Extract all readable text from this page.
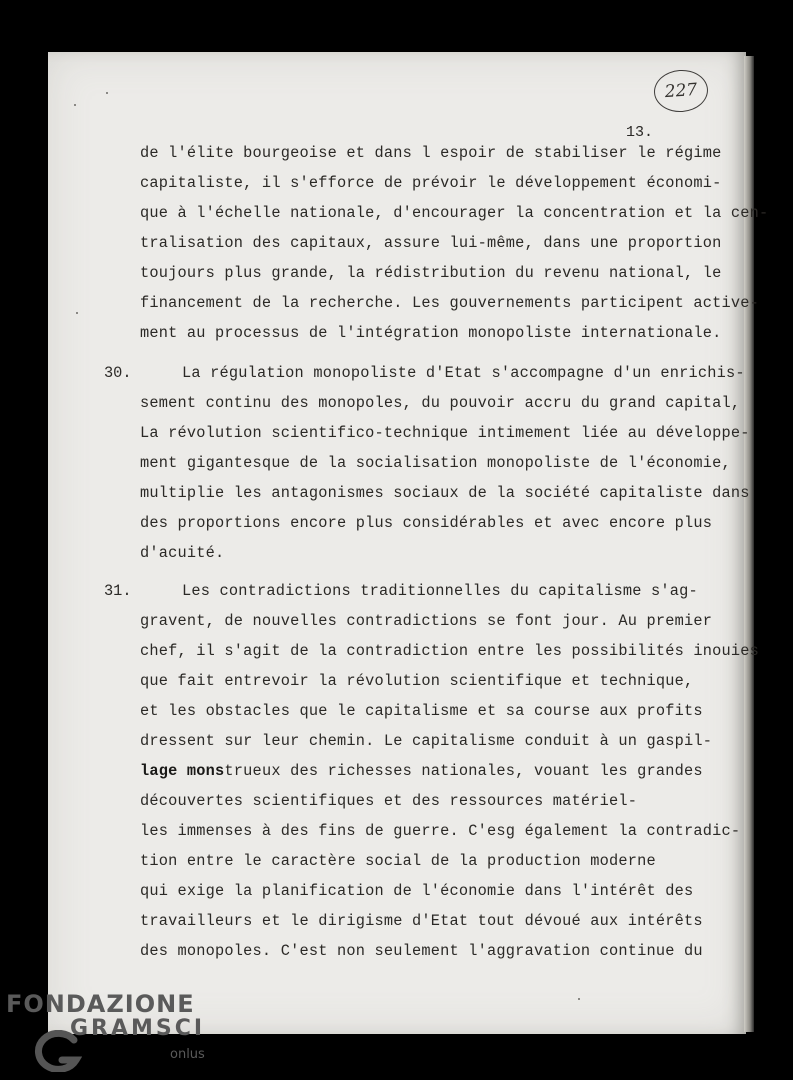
227
13.
de l'élite bourgeoise et dans l espoir de stabiliser le régime
capitaliste, il s'efforce de prévoir le développement économi-
que à l'échelle nationale, d'encourager la concentration et la cen-
tralisation des capitaux, assure lui-même, dans une proportion
toujours plus grande, la rédistribution du revenu national, le
financement de la recherche. Les gouvernements participent active-
ment au processus de l'intégration monopoliste internationale.
30.	La régulation monopoliste d'Etat s'accompagne d'un enrichis-
sement continu des monopoles, du pouvoir accru du grand capital,
La révolution scientifico-technique intimement liée au développe-
ment gigantesque de la socialisation monopoliste de l'économie,
multiplie les antagonismes sociaux de la société capitaliste dans
des proportions encore plus considérables et avec encore plus
d'acuité.
31.	Les contradictions traditionnelles du capitalisme s'ag-
gravent, de nouvelles contradictions se font jour. Au premier
chef, il s'agit de la contradiction entre les possibilités inouies
que fait entrevoir la révolution scientifique et technique,
et les obstacles que le capitalisme et sa course aux profits
dressent sur leur chemin. Le capitalisme conduit à un gaspil-
lage monstrueux des richesses nationales, vouant les grandes
découvertes scientifiques et des ressources matériel-
les immenses à des fins de guerre. C'esg également la contradic-
tion entre le caractère social de la production moderne
qui exige la planification de l'économie dans l'intérêt des
travailleurs et le dirigisme d'Etat tout dévoué aux intérêts
des monopoles. C'est non seulement l'aggravation continue du
FONDAZIONE
GRAMSCI
onlus
